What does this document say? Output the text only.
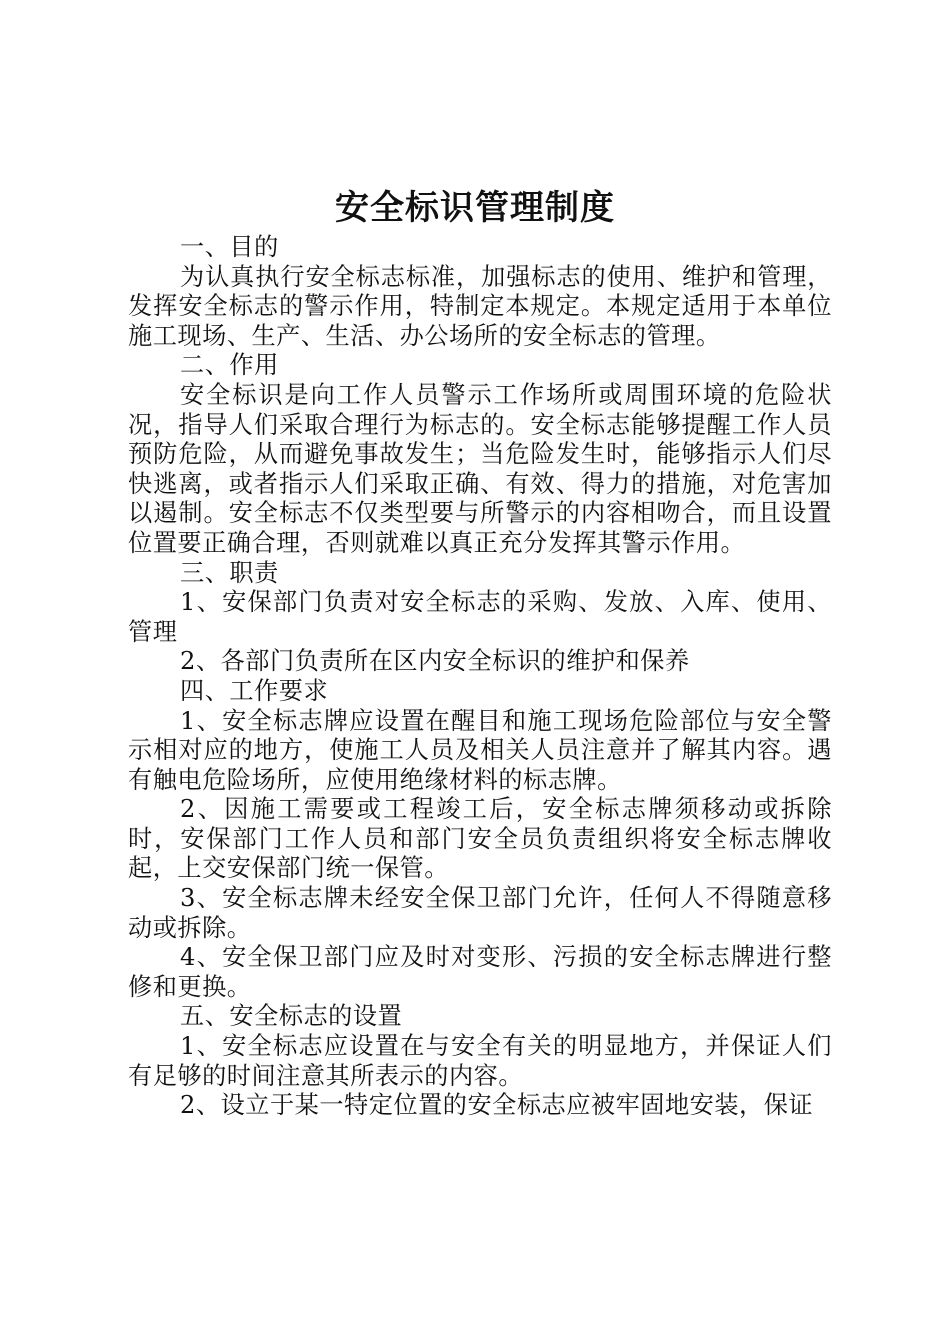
安全标识管理制度

一、目的

为认真执行安全标志标准，加强标志的使用、维护和管理，发挥安全标志的警示作用，特制定本规定。本规定适用于本单位施工现场、生产、生活、办公场所的安全标志的管理。

二、作用

安全标识是向工作人员警示工作场所或周围环境的危险状况，指导人们采取合理行为标志的。安全标志能够提醒工作人员预防危险，从而避免事故发生；当危险发生时，能够指示人们尽快逃离，或者指示人们采取正确、有效、得力的措施，对危害加以遏制。安全标志不仅类型要与所警示的内容相吻合，而且设置位置要正确合理，否则就难以真正充分发挥其警示作用。

三、职责

1、安保部门负责对安全标志的采购、发放、入库、使用、管理

2、各部门负责所在区内安全标识的维护和保养

四、工作要求

1、安全标志牌应设置在醒目和施工现场危险部位与安全警示相对应的地方，使施工人员及相关人员注意并了解其内容。遇有触电危险场所，应使用绝缘材料的标志牌。

2、因施工需要或工程竣工后，安全标志牌须移动或拆除时，安保部门工作人员和部门安全员负责组织将安全标志牌收起，上交安保部门统一保管。

3、安全标志牌未经安全保卫部门允许，任何人不得随意移动或拆除。

4、安全保卫部门应及时对变形、污损的安全标志牌进行整修和更换。

五、安全标志的设置

1、安全标志应设置在与安全有关的明显地方，并保证人们有足够的时间注意其所表示的内容。

2、设立于某一特定位置的安全标志应被牢固地安装，保证
